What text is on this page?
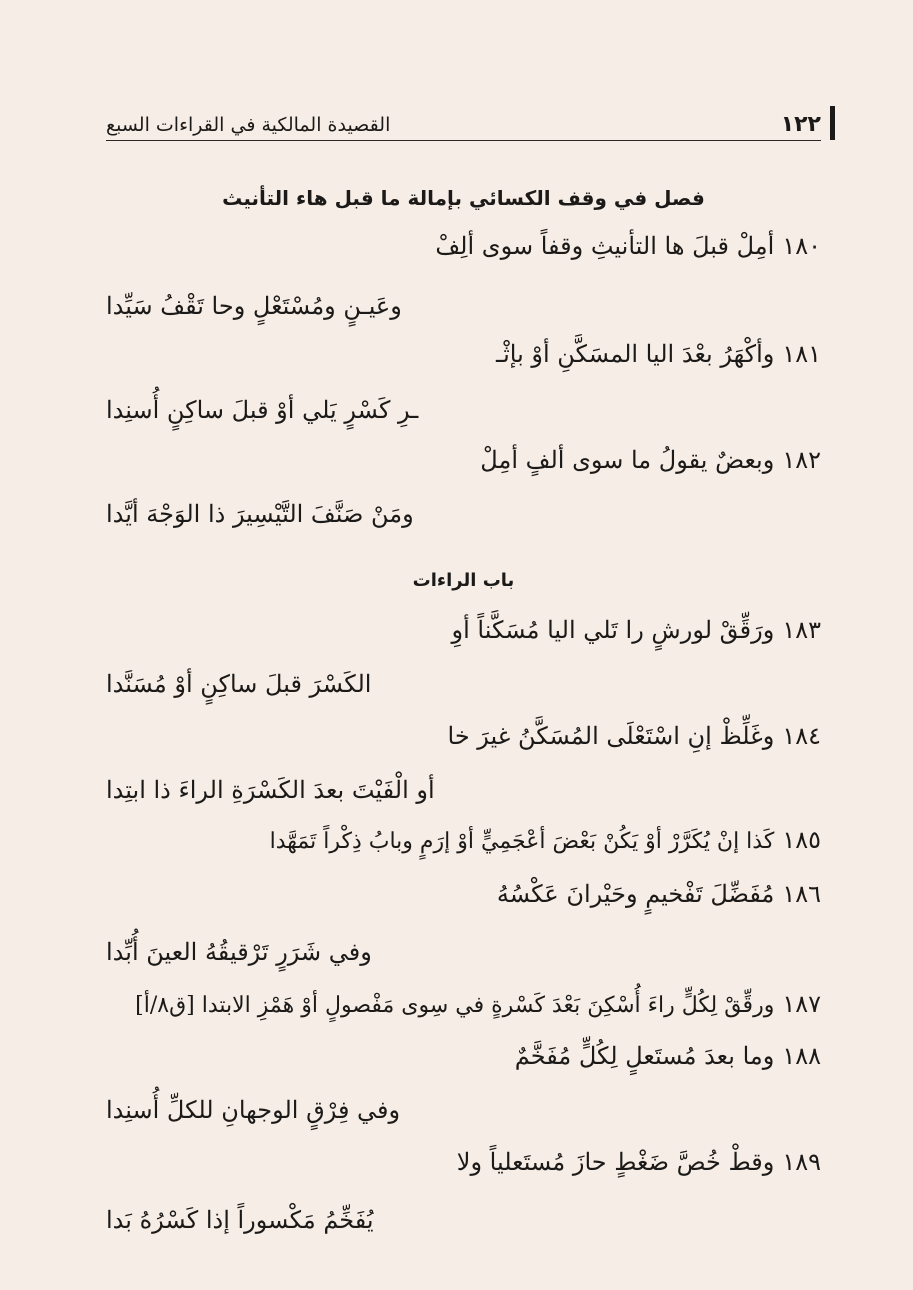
١٢٢
القصيدة المالكية في القراءات السبع
فصل في وقف الكسائي بإمالة ما قبل هاء التأنيث
١٨٠أمِلْ قبلَ ها التأنيثِ وقفاً سوى ألِفْ
وعَيـنٍ ومُسْتَعْلٍ وحا تَقْفُ سَيِّدا
١٨١وأكْهَرُ بعْدَ اليا المسَكَّنِ أوْ بإثْـ
ـرِ كَسْرٍ يَلي أوْ قبلَ ساكِنٍ أُسنِدا
١٨٢وبعضٌ يقولُ ما سوى ألفٍ أمِلْ
ومَنْ صَنَّفَ التَّيْسِيرَ ذا الوَجْهَ أيَّدا
باب الراءات
١٨٣ورَقِّقْ لورشٍ را تَلي اليا مُسَكَّناً أوِ
الكَسْرَ قبلَ ساكِنٍ أوْ مُسَنَّدا
١٨٤وغَلِّظْ إنِ اسْتَعْلَى المُسَكَّنُ غيرَ خا
أو الْفَيْتَ بعدَ الكَسْرَةِ الراءَ ذا ابتِدا
١٨٥كَذا إنْ يُكَرَّرْ أوْ يَكُنْ بَعْضَ أعْجَمِيٍّ أوْ إرَمٍ وبابُ ذِكْراً تَمَهَّدا
١٨٦مُفَضِّلَ تَفْخيمٍ وحَيْرانَ عَكْسُهُ
وفي شَرَرٍ تَرْقيقُهُ العينَ أُبِّدا
١٨٧ورقِّقْ لِكُلٍّ راءَ أُسْكِنَ بَعْدَ كَسْرةٍ في سِوى مَفْصولٍ أوْ هَمْزِ الابتدا [ق٨/أ]
١٨٨وما بعدَ مُستَعلٍ لِكُلٍّ مُفَخَّمٌ
وفي فِرْقٍ الوجهانِ للكلِّ أُسنِدا
١٨٩وقطْ خُصَّ ضَغْطٍ حازَ مُستَعلياً ولا
يُفَخِّمُ مَكْسوراً إذا كَسْرُهُ بَدا
